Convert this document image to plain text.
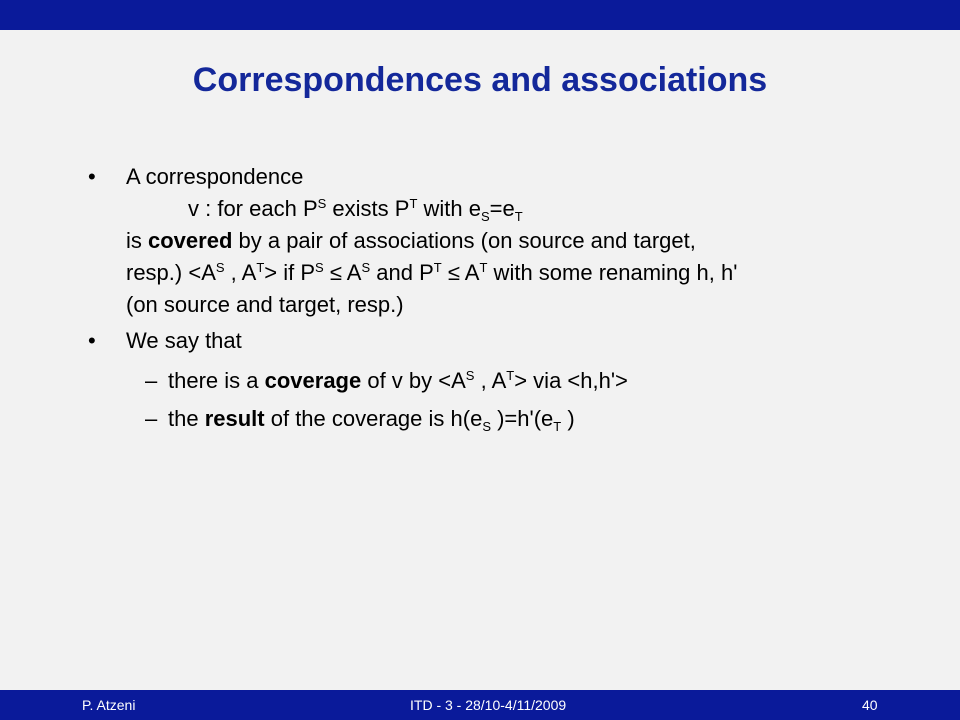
Correspondences and associations
• A correspondence
v : for each $P^S$ exists $P^T$ with $e_S=e_T$
is covered by a pair of associations (on source and target,
resp.) $<A^S$ , $A^T>$ if $P^S \le A^S$ and $P^T \le A^T$ with some renaming h, h'
(on source and target, resp.)
• We say that
– there is a coverage of v by $<A^S$ , $A^T>$ via <h,h'>
– the result of the coverage is $h(e_S$ )$=h'(e_T$ )
P. Atzeni	ITD - 3 - 28/10-4/11/2009	40
